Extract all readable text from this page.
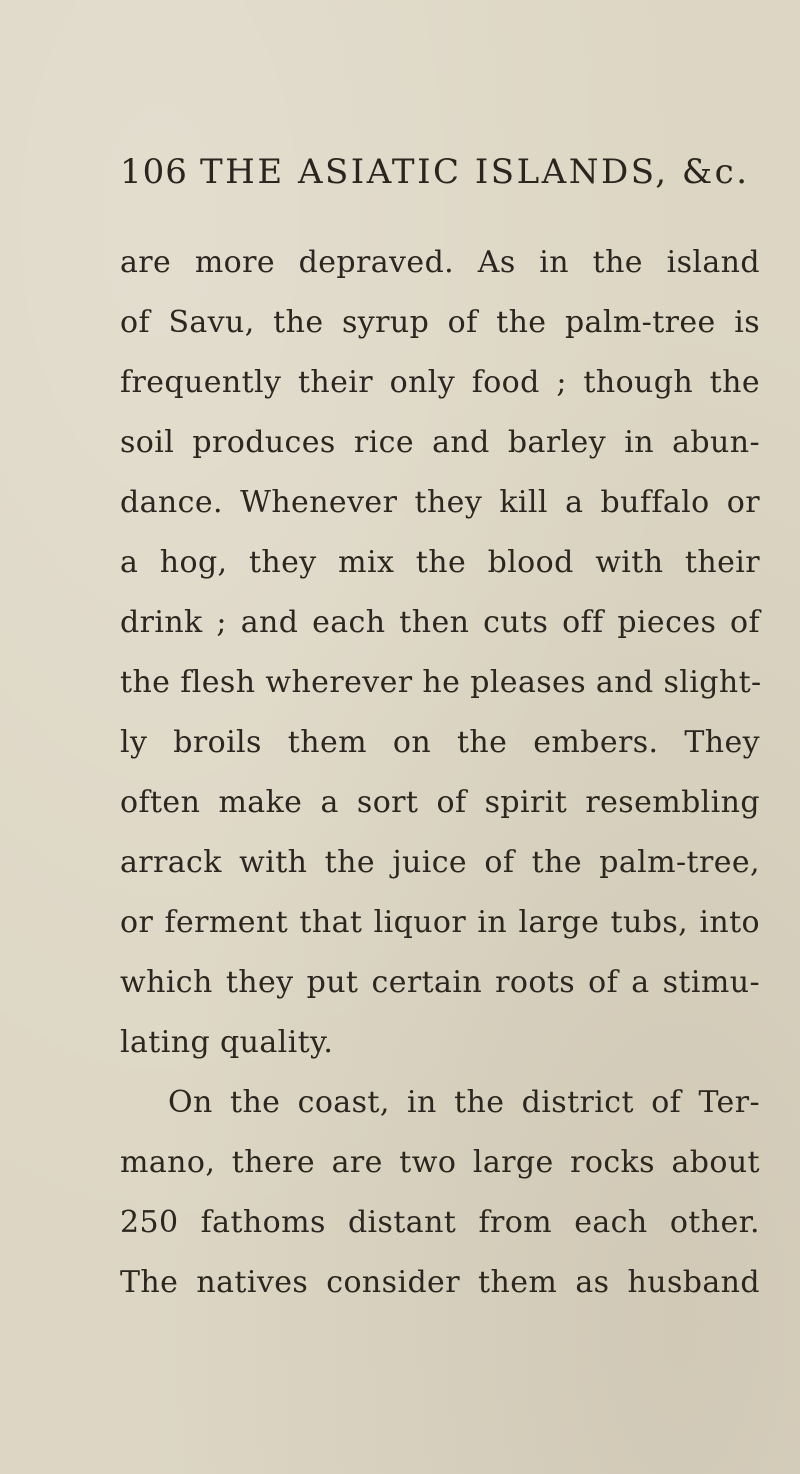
106 THE ASIATIC ISLANDS, &c.
are more depraved. As in the island
of Savu, the syrup of the palm-tree is
frequently their only food ; though the
soil produces rice and barley in abun-
dance. Whenever they kill a buffalo or
a hog, they mix the blood with their
drink ; and each then cuts off pieces of
the flesh wherever he pleases and slight-
ly broils them on the embers. They
often make a sort of spirit resembling
arrack with the juice of the palm-tree,
or ferment that liquor in large tubs, into
which they put certain roots of a stimu-
lating quality.
On the coast, in the district of Ter-
mano, there are two large rocks about
250 fathoms distant from each other.
The natives consider them as husband
